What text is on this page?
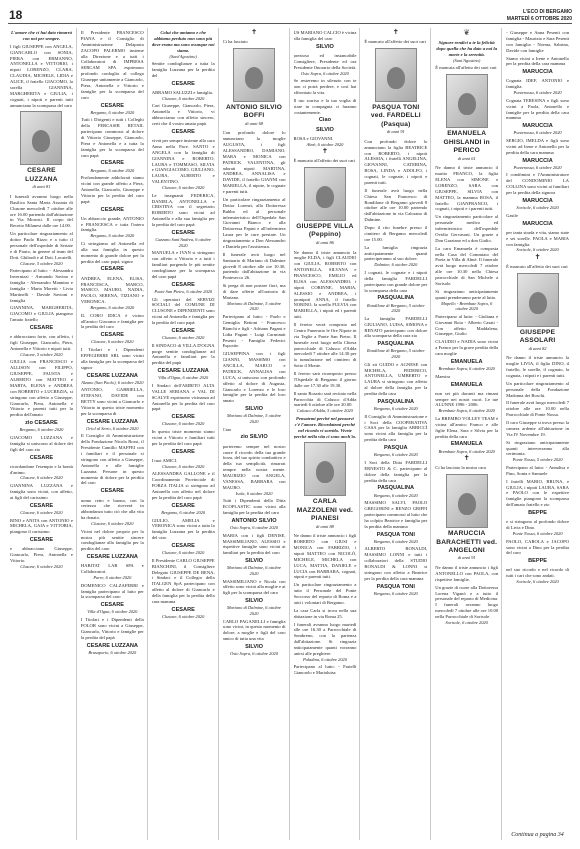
18	L'ECO DI BERGAMO
MARTEDÌ 6 OTTOBRE 2020
L'amore che ci hai dato rimarrà con noi per sempre.

I figli GIUSEPPE con ANGELA, GIANCARLO con SONIA, PIERA con ERMANNO, ANTONELLA e VITTORIO, i nipoti LORENZO, CLARA, CLAUDIA, MICHELE, LIDIA e ALICE, il fratello GIACOMO, la sorella GIANNINA, MARGHERITA e GIULIA, i cognati, i nipoti e parenti tutti annunciano la scomparsa del caro

CESARE LUZZANA
di anni 81

I funerali avranno luogo nella Basilica Santa Maria Assunta di Clusone mercoledì 7 ottobre alle ore 16.00 partendo dall'abitazione in Via Morosti. Il corpo del Recetto Milanesi dalle ore 14.00.

Un particolare ringraziamento al dottor Paolo Rizzo e a tutto il personale dell'ospedale di Seriate e di Piario, in genere al team del Dott. Ghilardi e al Dott. Locatelli.

Clusone, 5 ottobre 2020

Partecipano al lutto: - Alessandra Invernizzi - Armando Savino e famiglia - Alessandro Mannino e famiglia - Marta Moretti - Livia Martinelli - Davide Savioni e famiglia

GIANNINA, MARGHERITA, GIACOMO e GIULIA piangono l'amato fratello

CESARE

e abbracciano forte, con affetto, i figli Giuseppe, Giancarlo, Piera, Antonella e Vittorio e nipoti tutti.

Clusone, 5 ottobre 2020

GIULIA con FRANCESCO e ALLISON con FILIPPO, GIUSEPPE, FAUSTA e ALBERTO con MATTEO e MARTA, ELENA e ANDREA con ROBERTO e LUCREZIA, si stringono con affetto a Giuseppe, Giancarlo, Piera, Antonella e Vittorio e parenti tutti per la perdita dell'amato

zio CESARE
Bergamo, 6 ottobre 2020

GIACOMO LUZZANA e famiglia si uniscono al dolore dei figli del caro zio

CESARE

ricordandone l'esempio e la bontà d'animo.

Clusone, 6 ottobre 2020

GIANNINA LUZZANA e famiglia sono vicini, con affetto, ai figli del carissimo

CESARE
Clusone, 6 ottobre 2020

RINO e ANITA con ANTONIO e MICHELA, GAIA e VITTORIA, piangono il carissimo

CESARE

e abbracciano Giuseppe, Giancarlo, Piera, Antonella e Vittorio.

Clusone, 6 ottobre 2020

Il Presidente FRANCESCO PIANA e il Consiglio di Amministrazione Delapasta ZACOPO PALERMO insieme alla Direzione e a tutti i Collaboratori di IMPRESA SERCAM SPA esprimono profondo cordoglio al collega Giuseppe unitamente a Giancarlo, Piera, Antonella e Vittorio e famiglie per la scomparsa del caro

CESARE
Bergamo, 6 ottobre 2020

Tutti i Dirigenti e tutti i Colleghi della FERCASIR RETAIL partecipano commossi al dolore di Vittorio Giuseppe, Giancarlo, Piera e Antonella e a tutta la famiglia per la scomparsa del caro papà

CESARE
Bergamo, 6 ottobre 2020

Profondamente addolorati siamo vicini con grande affetto a Piera, Antonella, Giancarlo, Giuseppe e Vittorio per la perdita del caro papà

CESARE

Un abbraccio grande, ANTONIO e FRANCESCA e tutta l'intera famiglia.

Bergamo, 6 ottobre 2020

Ci stringiamo ad Antonella ed alla sua famiglia in questo momento di grande dolore per la perdita del caro papà, signor

CESARE

ANDREA, ELENA, ELISA, FRANCESCA, MARCO, MARCO, MAURO, NADIA, PAOLO, SERENA, TIZIANO e VERONICA.

Bergamo, 6 ottobre 2020

IL CORO IDICA è vicino all'amico Giacomo e famiglia per la perdita del caro

CESARE
Clusone, 6 ottobre 2020

I Titolari e i Dipendenti EFFEGIERRE SRL sono vicini alla famiglia per la scomparsa del signor

CESARE LUZZANA
Alzano (San Paolo), 6 ottobre 2020

ANTONIO, GABRIELLA, STEFANO, DAVIDE con BETTY sono vicini a Giancarlo e Vittorio in questo triste momento per la scomparsa di

CESARE LUZZANA
Oriol al Serio, 6 ottobre 2020

Il Consiglio di Amministrazione della Fondazione Nicola Rossi, il Presidente Camillo MAFFEI con i familiari e il personale si stringono con affetto a Giuseppe, Antonella e alle famiglie Luzzana. Persone in questo momento di dolore per la perdita del caro

CESARE

uomo retto e buono, con la certezza che riceverà in abbondanza tutto ciò che alla vita ha donato.

Clusone, 6 ottobre 2020

Vicini nel dolore proprio per la nostra più sentite sincere condoglianze alla famiglia per la perdita del caro

CESARE LUZZANA

HABITAT LAB SPA e Collaboratori.

Parre, 6 ottobre 2020

DOMENICO CALZAFERRI e famiglia partecipano al lutto per la scomparsa del caro

CESARE
Villa d'Ogna, 6 ottobre 2020

I Titolari e i Dipendenti della FOLOR sono vicini a Giuseppe, Giancarlo, Vittorio e famiglie per la perdita del papà

CESARE LUZZANA
Brusaporto, 6 ottobre 2020
Colui che amiamo e che abbiamo perduto non sono più dove erano ma sono ovunque noi siamo.
(Sant'Agostino)

Sentite condoglianze a tutta la famiglia Luzzana per la perdita del

CESARE

ABRAMO SALUZZI e famiglia.

Clusone, 6 ottobre 2020

Cari Giuseppe, Giancarlo, Piera, Antonella e Vittorio, vi abbracciamo con affetto sincero, certi che il vostro amato papà

CESARE

vivrà per sempre insieme alla cara Anna nella Pace. SANTO e ANGELA con la famiglia di GIANNINA e ROBERTO, LAURA e TOMMASO, SILVIA e GIANGIACOMO, GIULIANO, LAURA, ALBERTO e VALENTINO.

Clusone, 6 ottobre 2020

Le insegnanti FEDERICA, DANIELA, ANTONELLA e CRISTINA con il segretario ROBERTO sono vicini ad Antonella e alla sua famiglia per la perdita del caro papà

CESARE
Cazzano Sant'Andrea, 6 ottobre 2020

MANUELA e IVAN si stringono con affetto a Vittorio e a tutti i familiari porgendo le più sentite condoglianze per la scomparsa del caro papà

CESARE
Ponte San Pietro, 6 ottobre 2020

Gli operatori del SERVIZI SOCIALI del COMUNE DI CLUSONE e DIPENDENTI sono vicini ad Antonella e famiglia per la perdita del caro papà

CESARE
Clusone, 6 ottobre 2020

Il SINDACO di VILLA D'OGNA porge sentite condoglianze ad Antonella e familiari per la perdita del papà

CESARE LUZZANA
Villa d'Ogna, 6 ottobre 2020

I Sindaci dell'AMBITO ALTA VALLE SERIANA e VAL DI SCALVE esprimono vicinanza ad Antonella per la perdita del caro papà

CESARE
Clusone, 6 ottobre 2020

In questo triste momento siamo vicini a Vittorio e familiari tutti per la perdita del caro papà

CESARE

I tuoi AMICI.

Clusone, 6 ottobre 2020

ALESSANDRA GALLONE e il Coordinamento Provinciale di FORZA ITALIA si stringono ad Antonella con affetto nel dolore per la perdita del caro papà

CESARE
Bergamo, 6 ottobre 2020

GIULIO, AMELIA e VERONICA sono vicini a tutta la famiglia Luzzana per la perdita del caro

CESARE
Clusone, 6 ottobre 2020

Il Presidente CARLO GIUSEPPE BIANCHINI, il Consigliere Delegato GIUSEPPE DE BENA, i Sindaci e il Collegio della ITALGEN SpA partecipano con affetto al dolore di Giancarlo e della famiglia per la perdita della cara mamma

CESARE
Clusone, 6 ottobre 2020
✝

Ci ha lasciato

ANTONIO SILVIO BOFFI
di anni 68

Con profondo dolore lo annunciano la moglie AUGUSTA, i figli ALESSANDRO, DAMIANO, MARA e MONICA con PATRICK VALENTINA, gli adorati nipoti MARTINA, ANDREA, ANNALISA e DAVIDE, il fratello GIANNI con MARIELLA, il nipote, le cognate e parenti tutti.

Un particolare ringraziamento al Dottor Lorenzi, alla Dottoressa Bubba ed al personale infermieristico dell'Ospedale San Giovanni Bianco e alla Dottoressa Papini e all'infermiera Laura per le cure prestate. Un ringraziamento a Don Alessandro e Daniela per l'assistenza.

Il funerale avrà luogo nel Santuario di Mariano di Dalmine giovedì 8 ottobre alle ore 10.30, partendo dall'abitazione in via Pontesecco 26.

Si prega di non portare fiori, ma di dare offerte all'oratorio di Mariano.

Mariano di Dalmine, 5 ottobre 2020

Partecipano al lutto: - Paolo e Gemiglia Bettoni - Francesco Bianchi e figli - Adriano Pagani e Lidia Pagani - Luigi Carminati Pesenti - Famiglia Federici Esposito

GIUSEPPINA con i figli GIANNI, MASSIMO con ANCILLA, MARCO e PATRICK, ANNALISA con LUCA, si uniscono con profondo affetto al dolore di Augusta, Giancarlo e Lorenzo e le loro famiglie per la perdita del loro amato

SILVIO
Mariano di Dalmine, 5 ottobre 2020

Ciao

zio SILVIO

porteremo sempre nel nostro cuore il ricordo della tua grande forza, del tuo spirito combattivo e della tua semplicità, rimarrai sempre nella nostra mente. MAURIZIO con ANGELA, VANESSA, BARBARA con MAURO.

Isola, 6 ottobre 2020

Tutti i Dipendenti della Ditta ECOPLASTIC sono vicini alla famiglia per la perdita del caro

ANTONIO SILVIO
Osio Sopra, 6 ottobre 2020

MARIA con i figli DENISE, MASSIMILIANO, ALESSIO e rispettive famiglie sono vicini ai familiari per la perdita del caro

SILVIO
Mariano di Dalmine, 6 ottobre 2020

MASSIMILIANO e Nicola con affetto sono vicini alla moglie e ai figli per la scomparsa del caro

SILVIO
Mariano di Dalmine, 6 ottobre 2020

CARLO PAGANELLI e famiglia sono vicini, in questo momento di dolore, a moglie e figli del caro amico di tutta una vita

SILVIO
Osio Sopra, 6 ottobre 2020

US MARIANO CALCIO è vicina alla famiglia del caro

SILVIO

prezioso ed instancabile Consigliere, Presidente ed ora Presidente Onorario della Società.

Osio Sopra, 6 ottobre 2020

Se resteremo in silenzio con te non ci potrà perdere, e così hai affrontato la vita.

Il tuo sorriso e la tua voglia di stare in compagnia ci faranno costantemente.

Ciao
SILVIO

ROSA e GIOVANNI.

Almè, 6 ottobre 2020
✝

È mancato all'affetto dei suoi cari

GIUSEPPE VILLA (Peppino)
di anni 86

Ne danno il triste annuncio la moglie ELDA, i figli CLAUDIO con GIULIA, ROBERTO con ANTONELLA, SILVANA e FRANCESCO, EMILIO ed ELISA con ALESSANDRO, i nipoti CORINNE, MARIA, ALESSIO e ANDREA, i pronipoti ANNA, il fratello NORINO, la sorella FULVIA con MARIELLA, i nipoti ed i parenti tutti.

Il feretro verrà composto nel Centro Funerario le Ore Nipote in via Teglie a Ponte San Pietro. Il funerale avrà luogo nella Chiesa parrocchiale di Calusco d'Adda mercoledì 7 ottobre alle 14.30 per la tumulazione nel cimitero di Sotto il Monte.

Il feretro sarà ricomposto presso l'Ospedale di Bergamo il giorno dalle ore 17.30 alle 19.30.

Il santo Rosario sarà recitato nella Parrocchia di Calusco d'Adda martedì 6 ottobre alle ore 20.00.

Calusco d'Adda, 5 ottobre 2020
Pensatemi perché nel pensarvi c'è l'amore. Ricordatemi perché nel ricordo vi sorrido. Vivete perché nella vita ci sono anch'io.
CARLA MAZZOLENI ved. PIANESI
di anni 88

Ne danno il triste annuncio i figli ROBERTO con GIUSI e MONICA con FABRIZIO, i nipoti MATTEO con NICOLÒ, MICHELE, MICHELA con LUCA, MATTIA, DANIELE e LUCIA con BARBARA, cognati, nipoti e parenti tutti.

Un particolare ringraziamento a tutto il Personale del Ponte Soccorso del reparto di Roma e a tutti i volontari di Bergamo.

La cara Carla si trova nella sua abitazione in via Roma 25.

I funerali avranno luogo martedì alle ore 16.30 a Parrocchiale di Sombreno, con la partenza dall'abitazione. Si ringrazia anticipatamente quanti vorranno unirsi alle preghiere.

Paladina, 6 ottobre 2020

Partecipano al lutto: - Fratelli Giancarlo e Marialuisa

✝

È mancato all'affetto dei suoi cari

PASQUA TONI ved. FARDELLI (Pasqua)
di anni 91

Con profondo dolore lo annunciano la figlia BEATRICE con ROBERTO, i nipoti ALESSIA, i fratelli ANGELINA, GIOVANNI, CATERINA, ROSA, LINDA e ADOLFO, i cognati, le cognate, i nipoti e parenti tutti.

Il funerale avrà luogo nella Chiesa San Francesco di Rondilone di Bergamo giovedì 8 ottobre alle ore 10.00 partendo dall'abitazione in via Calorano di Dalmine.

Dopo il rito funebre presso il cimitero di Bergamo mercoledì ore 15.00.

La famiglia ringrazia anticipatamente quanti parteciperanno al suo dolore.

Dalmine, 6 ottobre 2020

I cognati, le cognate e i nipoti della famiglia FARDELLI partecipano con grande dolore per la scomparsa della cara

PASQUALINA
Rondilone di Bergamo, 5 ottobre 2020

La famiglia FARDELLI GIULIANO, LUISA, SIMONA e RENATO partecipano con dolore alla scomparsa della cara zia

PASQUALINA
Rondilone di Bergamo, 5 ottobre 2020

Gli zii GUIDO e AGNESE con MICHELA, FEDERICO, ANTONELLA, UMBERTO e LAURA si stringono con affetto al dolore della famiglia per la perdita della cara

PASQUALINA
Bergamo, 6 ottobre 2020

Il Consiglio di Amministrazione e i Soci della COOPERATIVA CASA per la famiglia ABBICCÌ sono vicini alla famiglia per la perdita della cara

PASQUA
Bergamo, 6 ottobre 2020

I Soci della Ditta FARDELLI ERNESTO & C. partecipano al dolore della famiglia per la perdita della cara

PASQUALINA
Bergamo, 6 ottobre 2020

MASSIMO SALVI, PAOLO GREGORINI e RENZO GRIFFI partecipano commossi al lutto che ha colpito Beatrice e famiglia per la perdita della mamma

PASQUA TONI
Bergamo, 6 ottobre 2020

ALBERTO RONALDI, MASSIMO LONNI e tutti i collaboratori della STUDIO RONALDI & LONNI si stringono con affetto a Beatrice per la perdita della cara mamma

PASQUA TONI
Bergamo, 6 ottobre 2020
❦
Signore rendici a te la felicità dopo quella che ha dato a noi la morte e la serenità.
(Sant'Agostino)

È mancata all'affetto dei suoi cari

EMANUELA GHISLANDI in PERICO
di anni 61

Ne danno il triste annuncio il marito FRANCO, la figlia ELENA con SIMONE e LORENZO, SARA con GIUSEPPE, SILVIA con MATTEO, la mamma ROSA, il fratello GIANFRANCO, i cognati, i nipoti e i parenti tutti.

Un ringraziamento particolare al personale medico ed infermieristico dell'ospedale Ovidio Gervasoni. Un grazie a Don Graziano ed a don Giulio.

La cara Emanuela è composta nella Casa del Commiato del Poeta in Villa di Almè. Il funerale avrà luogo mercoledì 7 ottobre alle ore 10.30 nella Chiesa parrocchiale di San Michele a Sorisole.

Si ringraziano anticipatamente quanti prenderanno parte al lutto.

Mapello - Brembate Sopra, 6 ottobre 2020

Partecipano al lutto: - Giuliana e Giovanni Rota - Alberto Casati - Con affetto Maddalena, Giuseppe, Giulio

CLAUDIO e NADIA sono vicini a Franco per la grave perdita della cara moglie

EMANUELA
Brembate Sopra, 6 ottobre 2020

Maestra

EMANUELA

non sei più davanti ma rimani sempre nei nostri cuori. Le tue ALUNNE 1996 - 2006.

Brembate Sopra, 6 ottobre 2020

La BREMBO VOLLEY TEAM è vicina all'amico Franco e alle figlie Elena, Sara e Silvia per la perdita della cara

EMANUELA
Brembate Sopra, 6 ottobre 2020
✝

Ci ha lasciato la nostra cara

MARUCCIA BARACHETTI ved. ANGELONI
di anni 91

Ne danno il triste annuncio i figli ANTONELLO con PAOLA, con rispettive famiglie.

Un grazie di cuore alla Dottoressa Lorena Viganò e a tutto il personale del reparto di Medicina. I funerali avranno luogo mercoledì 7 ottobre alle ore 10.00 nella Parrocchiale di Sorisole.

Sorisole, 6 ottobre 2020

- Giuseppe e Anna Pesenti con famiglia - Maurizio e Sara Pesenti con famiglia - Norma, Sabrina, Davide con famiglie

Siamo vicini a Irene e Antonello per la perdita della cara mamma

MARUCCIA

Cognata IDEF, ANTONIO e famiglia.

Pontenossa, 6 ottobre 2020

Cognata TERESINA e figli sono vicini a Paola, Antonello e famiglie per la perdita della cara mamma

MARUCCIA
Pontenossa, 6 ottobre 2020

SERGIO, IMELDA e figli sono vicini ad Irene e Antonello per la perdita della cara mamma

MARUCCIA
Pontenossa, 6 ottobre 2020

I condòmini e l'Amministratore del CONDOMINIO LA COLLINA sono vicini ai familiari per la perdita della signora

MARUCCIA
Sorisole, 6 ottobre 2020

Gasile

MARUCCIA

per tanta strada e vita, siamo state e sei sorelle. PAOLA e MARIA con famiglia.

Sorisole, 6 ottobre 2020
✝

È mancato all'affetto dei suoi cari

GIUSEPPE ASSOLARI
di anni 82

Ne danno il triste annuncio la moglie LIVIA, il figlio DINO, il fratello, le sorelle, il cognato, la cognata, i nipoti e i parenti tutti.

Un particolare ringraziamento al personale della Fondazione Madonna dei Boschi.

Il funerale avrà luogo mercoledì 7 ottobre alle ore 10.00 nella Parrocchiale di Ponte Nossa.

Il caro Giuseppe si trova presso la camera ardente all'abitazione in Via IV Novembre 19.

Si ringraziano anticipatamente quanti interverranno alla cerimonia.

Ponte Nossa, 5 ottobre 2020

Partecipano al lutto: - Annalisa e Pino, Sonia e Samuele

I fratelli MARIO, BRUNA, e GIULIA, i nipoti LAURA, SARA e PAOLO con le rispettive famiglie piangono la scomparsa dell'amato fratello e zio

BEPPE

e si stringono al profondo dolore di Livia e Dino.

Ponte Nossa, 6 ottobre 2020

PAOLO, CAROLA e JACOPO sono vicini a Dino per la perdita del caro

BEPPE

nel suo ricordo e nel ricordo di tutti i cari che sono andati.

Sorisole, 6 ottobre 2020
Continua a pagina 34
